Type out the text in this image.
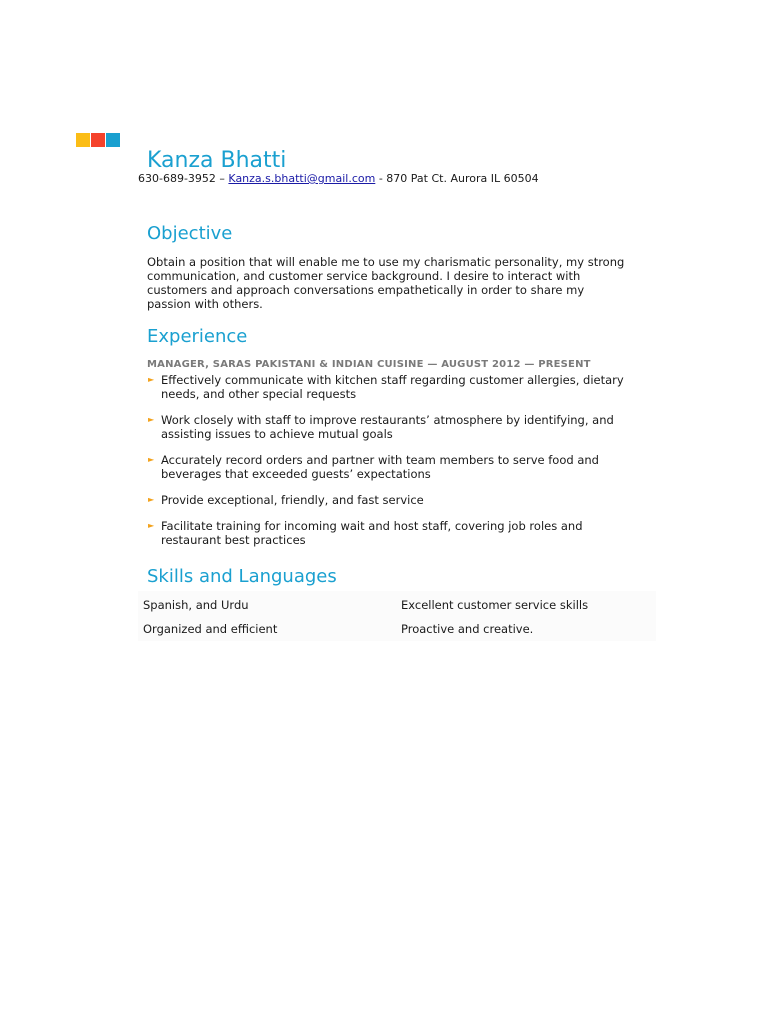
Kanza Bhatti

630-689-3952 – Kanza.s.bhatti@gmail.com - 870 Pat Ct. Aurora IL 60504
Objective

Obtain a position that will enable me to use my charismatic personality, my strong communication, and customer service background. I desire to interact with customers and approach conversations empathetically in order to share my passion with others.

Experience
MANAGER, SARAS PAKISTANI & INDIAN CUISINE — AUGUST 2012 — PRESENT
► Effectively communicate with kitchen staff regarding customer allergies, dietary needs, and other special requests
► Work closely with staff to improve restaurants’ atmosphere by identifying, and assisting issues to achieve mutual goals
► Accurately record orders and partner with team members to serve food and beverages that exceeded guests’ expectations
► Provide exceptional, friendly, and fast service
► Facilitate training for incoming wait and host staff, covering job roles and restaurant best practices
Skills and Languages
Spanish, and Urdu	Excellent customer service skills
Organized and efficient	Proactive and creative.
